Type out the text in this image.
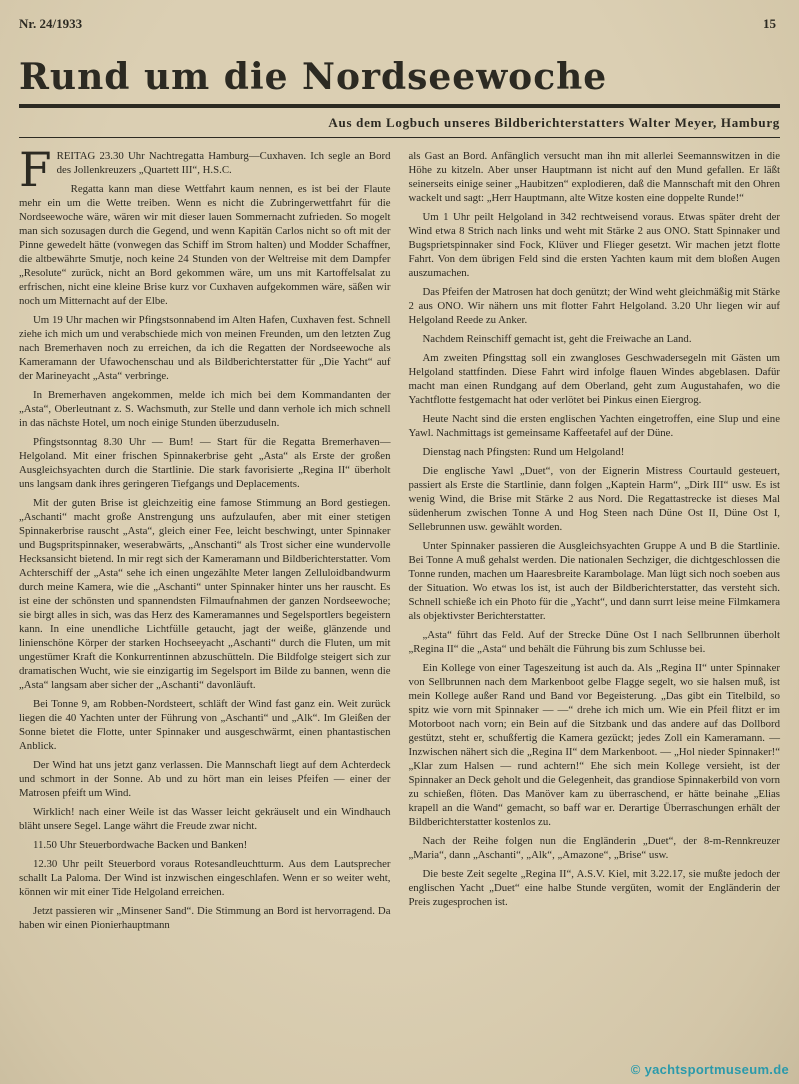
Nr. 24/1933	15
Rund um die Nordseewoche
Aus dem Logbuch unseres Bildberichterstatters Walter Meyer, Hamburg

FREITAG 23.30 Uhr Nachtregatta Hamburg—Cuxhaven. Ich segle an Bord des Jollenkreuzers „Quartett III“, H.S.C.

Regatta kann man diese Wettfahrt kaum nennen, es ist bei der Flaute mehr ein um die Wette treiben. Wenn es nicht die Zubringerwettfahrt für die Nordseewoche wäre, wären wir mit dieser lauen Sommernacht zufrieden. So mogelt man sich sozusagen durch die Gegend, und wenn Kapitän Carlos nicht so oft mit der Pinne gewedelt hätte (vonwegen das Schiff im Strom halten) und Modder Schaffner, die altbewährte Smutje, noch keine 24 Stunden von der Weltreise mit dem Dampfer „Resolute“ zurück, nicht an Bord gekommen wäre, um uns mit Kartoffelsalat zu erfrischen, nicht eine kleine Brise kurz vor Cuxhaven aufgekommen wäre, säßen wir noch um Mitternacht auf der Elbe.

Um 19 Uhr machen wir Pfingstsonnabend im Alten Hafen, Cuxhaven fest. Schnell ziehe ich mich um und verabschiede mich von meinen Freunden, um den letzten Zug nach Bremerhaven noch zu erreichen, da ich die Regatten der Nordseewoche als Kameramann der Ufawochenschau und als Bildberichterstatter für „Die Yacht“ auf der Marineyacht „Asta“ verbringe.

In Bremerhaven angekommen, melde ich mich bei dem Kommandanten der „Asta“, Oberleutnant z. S. Wachsmuth, zur Stelle und dann verhole ich mich schnell in das nächste Hotel, um noch einige Stunden überzuduseln.

Pfingstsonntag 8.30 Uhr — Bum! — Start für die Regatta Bremerhaven—Helgoland. Mit einer frischen Spinnakerbrise geht „Asta“ als Erste der großen Ausgleichsyachten durch die Startlinie. Die stark favorisierte „Regina II“ überholt uns langsam dank ihres geringeren Tiefgangs und Deplacements.

Mit der guten Brise ist gleichzeitig eine famose Stimmung an Bord gestiegen. „Aschanti“ macht große Anstrengung uns aufzulaufen, aber mit einer stetigen Spinnakerbrise rauscht „Asta“, gleich einer Fee, leicht beschwingt, unter Spinnaker und Bugspritspinnaker, weserabwärts, „Anschanti“ als Trost sicher eine wundervolle Hecksansicht bietend. In mir regt sich der Kameramann und Bildberichterstatter. Vom Achterschiff der „Asta“ sehe ich einen ungezählte Meter langen Zelluloidbandwurm durch meine Kamera, wie die „Aschanti“ unter Spinnaker hinter uns her rauscht. Es ist eine der schönsten und spannendsten Filmaufnahmen der ganzen Nordseewoche; sie birgt alles in sich, was das Herz des Kameramannes und Segelsportlers begeistern kann. In eine unendliche Lichtfülle getaucht, jagt der weiße, glänzende und linienschöne Körper der starken Hochseeyacht „Aschanti“ durch die Fluten, um mit ungestümer Kraft die Konkurrentinnen abzuschütteln. Die Bildfolge steigert sich zur dramatischen Wucht, wie sie einzigartig im Segelsport im Bilde zu bannen, wenn die „Asta“ langsam aber sicher der „Aschanti“ davonläuft.

Bei Tonne 9, am Robben-Nordsteert, schläft der Wind fast ganz ein. Weit zurück liegen die 40 Yachten unter der Führung von „Aschanti“ und „Alk“. Im Gleißen der Sonne bietet die Flotte, unter Spinnaker und ausgeschwärmt, einen phantastischen Anblick.

Der Wind hat uns jetzt ganz verlassen. Die Mannschaft liegt auf dem Achterdeck und schmort in der Sonne. Ab und zu hört man ein leises Pfeifen — einer der Matrosen pfeift um Wind.

Wirklich! nach einer Weile ist das Wasser leicht gekräuselt und ein Windhauch bläht unsere Segel. Lange währt die Freude zwar nicht.

11.50 Uhr Steuerbordwache Backen und Banken!

12.30 Uhr peilt Steuerbord voraus Rotesandleuchtturm. Aus dem Lautsprecher schallt La Paloma. Der Wind ist inzwischen eingeschlafen. Wenn er so weiter weht, können wir mit einer Tide Helgoland erreichen.

Jetzt passieren wir „Minsener Sand“. Die Stimmung an Bord ist hervorragend. Da haben wir einen Pionierhauptmann

als Gast an Bord. Anfänglich versucht man ihn mit allerlei Seemannswitzen in die Höhe zu kitzeln. Aber unser Hauptmann ist nicht auf den Mund gefallen. Er läßt seinerseits einige seiner „Haubitzen“ explodieren, daß die Mannschaft mit den Ohren wackelt und sagt: „Herr Hauptmann, alte Witze kosten eine doppelte Runde!“

Um 1 Uhr peilt Helgoland in 342 rechtweisend voraus. Etwas später dreht der Wind etwa 8 Strich nach links und weht mit Stärke 2 aus ONO. Statt Spinnaker und Bugsprietspinnaker sind Fock, Klüver und Flieger gesetzt. Wir machen jetzt flotte Fahrt. Von dem übrigen Feld sind die ersten Yachten kaum mit dem bloßen Augen auszumachen.

Das Pfeifen der Matrosen hat doch genützt; der Wind weht gleichmäßig mit Stärke 2 aus ONO. Wir nähern uns mit flotter Fahrt Helgoland. 3.20 Uhr liegen wir auf Helgoland Reede zu Anker.

Nachdem Reinschiff gemacht ist, geht die Freiwache an Land.

Am zweiten Pfingsttag soll ein zwangloses Geschwadersegeln mit Gästen um Helgoland stattfinden. Diese Fahrt wird infolge flauen Windes abgeblasen. Dafür macht man einen Rundgang auf dem Oberland, geht zum Augustahafen, wo die Yachtflotte festgemacht hat oder verlötet bei Pinkus einen Eiergrog.

Heute Nacht sind die ersten englischen Yachten eingetroffen, eine Slup und eine Yawl. Nachmittags ist gemeinsame Kaffeetafel auf der Düne.

Dienstag nach Pfingsten: Rund um Helgoland!

Die englische Yawl „Duet“, von der Eignerin Mistress Courtauld gesteuert, passiert als Erste die Startlinie, dann folgen „Kaptein Harm“, „Dirk III“ usw. Es ist wenig Wind, die Brise mit Stärke 2 aus Nord. Die Regattastrecke ist dieses Mal südenherum zwischen Tonne A und Hog Steen nach Düne Ost II, Düne Ost I, Sellebrunnen usw. gewählt worden.

Unter Spinnaker passieren die Ausgleichsyachten Gruppe A und B die Startlinie. Bei Tonne A muß gehalst werden. Die nationalen Sechziger, die dichtgeschlossen die Tonne runden, machen um Haaresbreite Karambolage. Man lügt sich noch soeben aus der Situation. Wo etwas los ist, ist auch der Bildberichterstatter, das versteht sich. Schnell schieße ich ein Photo für die „Yacht“, und dann surrt leise meine Filmkamera als objektivster Berichterstatter.

„Asta“ führt das Feld. Auf der Strecke Düne Ost I nach Sellbrunnen überholt „Regina II“ die „Asta“ und behält die Führung bis zum Schlusse bei.

Ein Kollege von einer Tageszeitung ist auch da. Als „Regina II“ unter Spinnaker von Sellbrunnen nach dem Markenboot gelbe Flagge segelt, wo sie halsen muß, ist mein Kollege außer Rand und Band vor Begeisterung. „Das gibt ein Titelbild, so spitz wie vorn mit Spinnaker — —“ drehe ich mich um. Wie ein Pfeil flitzt er im Motorboot nach vorn; ein Bein auf die Sitzbank und das andere auf das Dollbord gestützt, steht er, schußfertig die Kamera gezückt; jedes Zoll ein Kameramann. — Inzwischen nähert sich die „Regina II“ dem Markenboot. — „Hol nieder Spinnaker!“ „Klar zum Halsen — rund achtern!“ Ehe sich mein Kollege versieht, ist der Spinnaker an Deck geholt und die Gelegenheit, das grandiose Spinnakerbild von vorn zu schießen, flöten. Das Manöver kam zu überraschend, er hätte beinahe „Elias krapell an die Wand“ gemacht, so baff war er. Derartige Überraschungen erhält der Bildberichterstatter kostenlos zu.

Nach der Reihe folgen nun die Engländerin „Duet“, der 8-m-Rennkreuzer „Maria“, dann „Aschanti“, „Alk“, „Amazone“, „Brise“ usw.

Die beste Zeit segelte „Regina II“, A.S.V. Kiel, mit 3.22.17, sie mußte jedoch der englischen Yacht „Duet“ eine halbe Stunde vergüten, womit der Engländerin der Preis zugesprochen ist.

© yachtsportmuseum.de
